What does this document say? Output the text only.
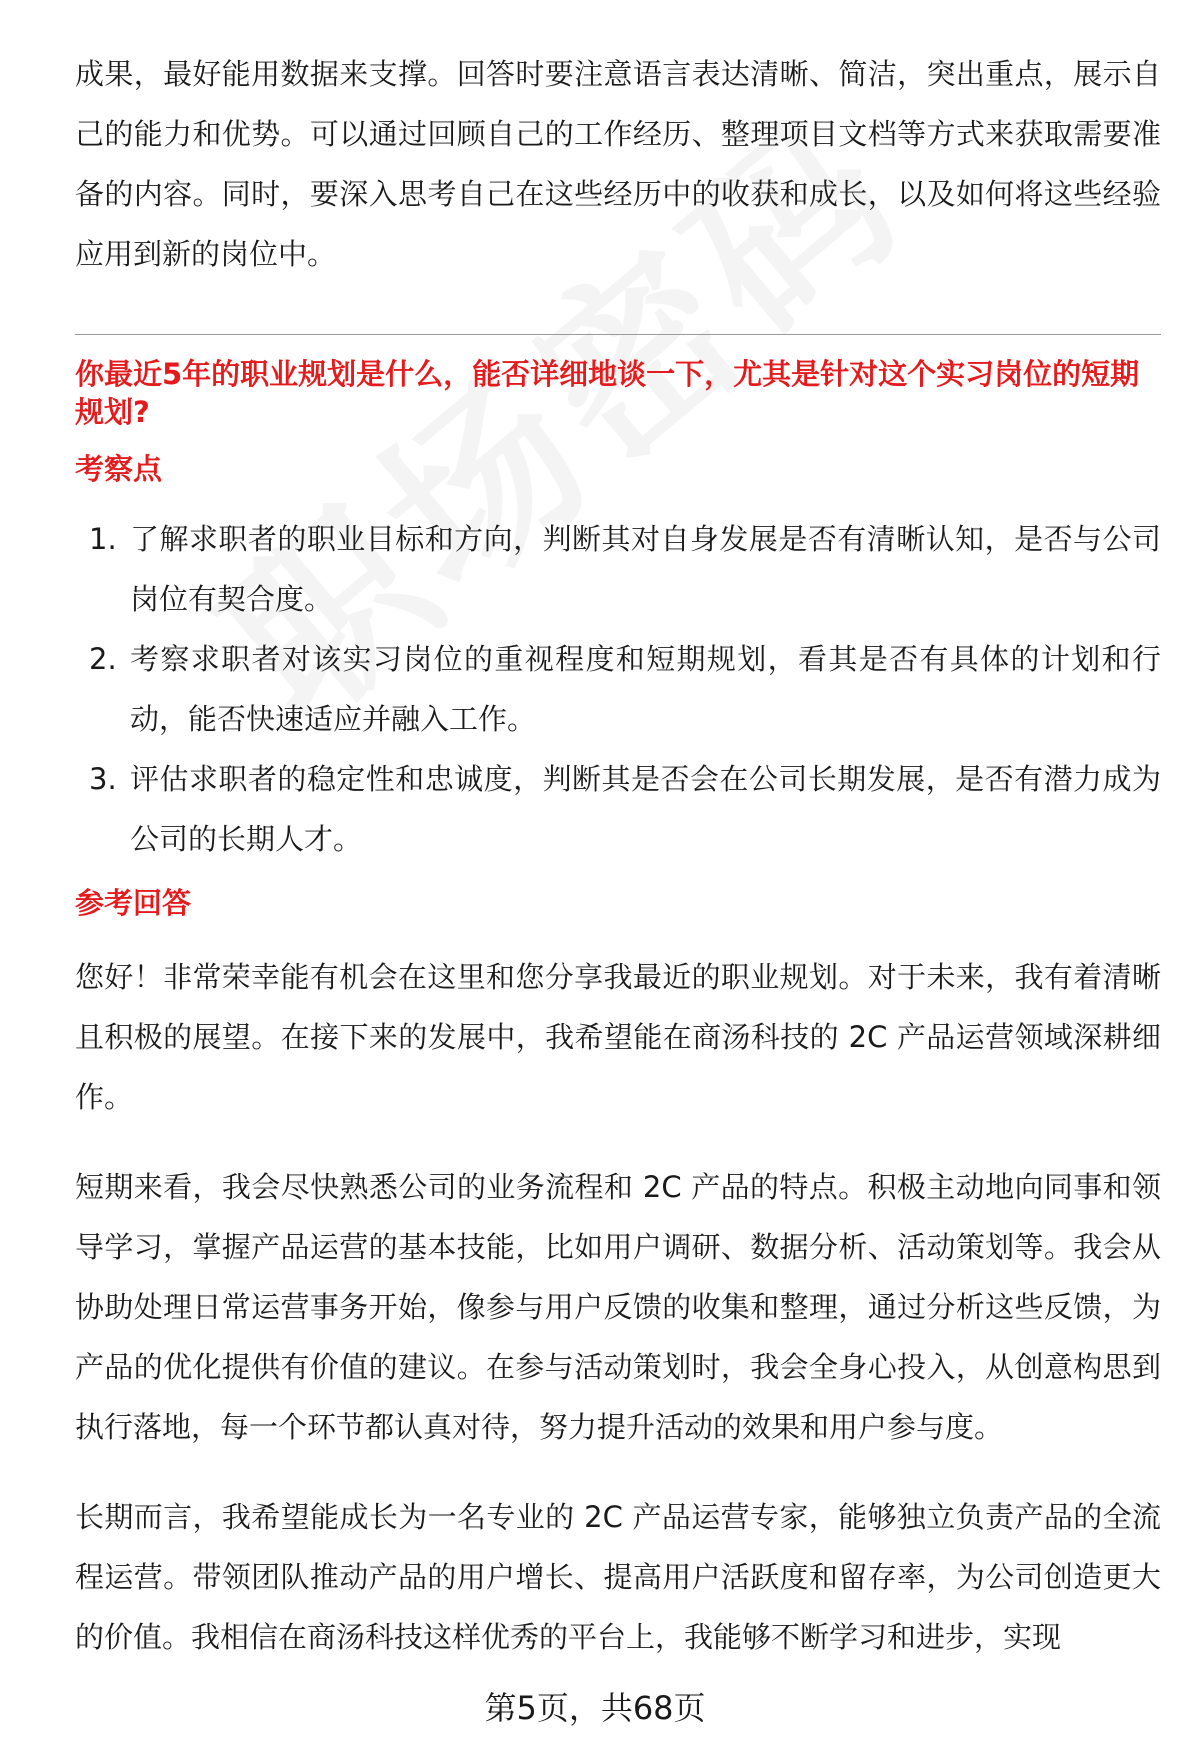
成果，最好能用数据来支撑。回答时要注意语言表达清晰、简洁，突出重点，展示自己的能力和优势。可以通过回顾自己的工作经历、整理项目文档等方式来获取需要准备的内容。同时，要深入思考自己在这些经历中的收获和成长，以及如何将这些经验应用到新的岗位中。

你最近5年的职业规划是什么，能否详细地谈一下，尤其是针对这个实习岗位的短期规划?

考察点
1. 了解求职者的职业目标和方向，判断其对自身发展是否有清晰认知，是否与公司岗位有契合度。
2. 考察求职者对该实习岗位的重视程度和短期规划，看其是否有具体的计划和行动，能否快速适应并融入工作。
3. 评估求职者的稳定性和忠诚度，判断其是否会在公司长期发展，是否有潜力成为公司的长期人才。
参考回答

您好！非常荣幸能有机会在这里和您分享我最近的职业规划。对于未来，我有着清晰且积极的展望。在接下来的发展中，我希望能在商汤科技的 2C 产品运营领域深耕细作。

短期来看，我会尽快熟悉公司的业务流程和 2C 产品的特点。积极主动地向同事和领导学习，掌握产品运营的基本技能，比如用户调研、数据分析、活动策划等。我会从协助处理日常运营事务开始，像参与用户反馈的收集和整理，通过分析这些反馈，为产品的优化提供有价值的建议。在参与活动策划时，我会全身心投入，从创意构思到执行落地，每一个环节都认真对待，努力提升活动的效果和用户参与度。

长期而言，我希望能成长为一名专业的 2C 产品运营专家，能够独立负责产品的全流程运营。带领团队推动产品的用户增长、提高用户活跃度和留存率，为公司创造更大的价值。我相信在商汤科技这样优秀的平台上，我能够不断学习和进步，实现

第5页，共68页
